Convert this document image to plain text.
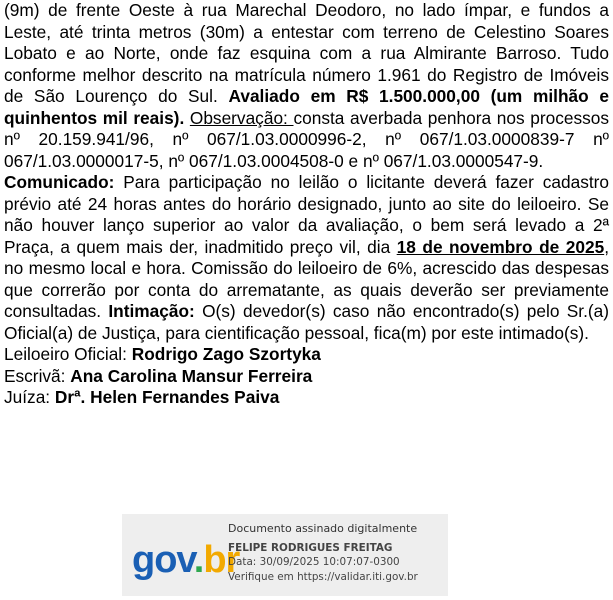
(9m) de frente Oeste à rua Marechal Deodoro, no lado ímpar, e fundos a Leste, até trinta metros (30m) a entestar com terreno de Celestino Soares Lobato e ao Norte, onde faz esquina com a rua Almirante Barroso. Tudo conforme melhor descrito na matrícula número 1.961 do Registro de Imóveis de São Lourenço do Sul. Avaliado em R$ 1.500.000,00 (um milhão e quinhentos mil reais). Observação: consta averbada penhora nos processos nº 20.159.941/96, nº 067/1.03.0000996-2, nº 067/1.03.0000839-7 nº 067/1.03.0000017-5, nº 067/1.03.0004508-0 e nº 067/1.03.0000547-9.

Comunicado: Para participação no leilão o licitante deverá fazer cadastro prévio até 24 horas antes do horário designado, junto ao site do leiloeiro. Se não houver lanço superior ao valor da avaliação, o bem será levado a 2ª Praça, a quem mais der, inadmitido preço vil, dia 18 de novembro de 2025, no mesmo local e hora. Comissão do leiloeiro de 6%, acrescido das despesas que correrão por conta do arrematante, as quais deverão ser previamente consultadas. Intimação: O(s) devedor(s) caso não encontrado(s) pelo Sr.(a) Oficial(a) de Justiça, para cientificação pessoal, fica(m) por este intimado(s).

Leiloeiro Oficial: Rodrigo Zago Szortyka

Escrivã: Ana Carolina Mansur Ferreira

Juíza: Drª. Helen Fernandes Paiva

gov.br
Documento assinado digitalmente
FELIPE RODRIGUES FREITAG
Data: 30/09/2025 10:07:07-0300
Verifique em https://validar.iti.gov.br
